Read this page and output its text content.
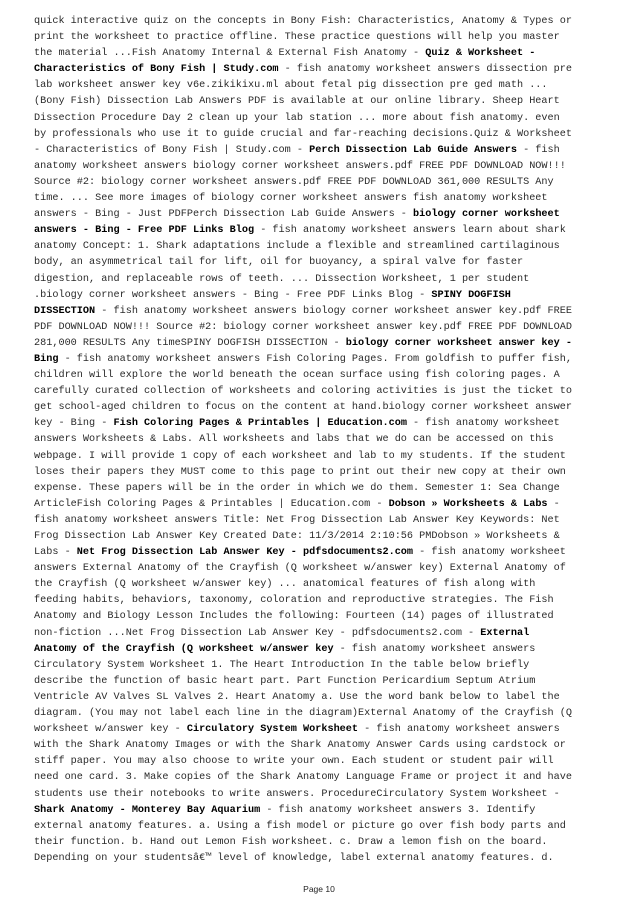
quick interactive quiz on the concepts in Bony Fish: Characteristics, Anatomy & Types or
print the worksheet to practice offline. These practice questions will help you master
the material ...Fish Anatomy Internal & External Fish Anatomy - Quiz & Worksheet -
Characteristics of Bony Fish | Study.com - fish anatomy worksheet answers dissection pre
lab worksheet answer key v6e.zikikixu.ml about fetal pig dissection pre ged math ...
(Bony Fish) Dissection Lab Answers PDF is available at our online library. Sheep Heart
Dissection Procedure Day 2 clean up your lab station ... more about fish anatomy. even
by professionals who use it to guide crucial and far-reaching decisions.Quiz & Worksheet
- Characteristics of Bony Fish | Study.com - Perch Dissection Lab Guide Answers - fish
anatomy worksheet answers biology corner worksheet answers.pdf FREE PDF DOWNLOAD NOW!!!
Source #2: biology corner worksheet answers.pdf FREE PDF DOWNLOAD 361,000 RESULTS Any
time. ... See more images of biology corner worksheet answers fish anatomy worksheet
answers - Bing - Just PDFPerch Dissection Lab Guide Answers - biology corner worksheet
answers - Bing - Free PDF Links Blog - fish anatomy worksheet answers learn about shark
anatomy Concept: 1. Shark adaptations include a flexible and streamlined cartilaginous
body, an asymmetrical tail for lift, oil for buoyancy, a spiral valve for faster
digestion, and replaceable rows of teeth. ... Dissection Worksheet, 1 per student
.biology corner worksheet answers - Bing - Free PDF Links Blog - SPINY DOGFISH
DISSECTION - fish anatomy worksheet answers biology corner worksheet answer key.pdf FREE
PDF DOWNLOAD NOW!!! Source #2: biology corner worksheet answer key.pdf FREE PDF DOWNLOAD
281,000 RESULTS Any timeSPINY DOGFISH DISSECTION - biology corner worksheet answer key -
Bing - fish anatomy worksheet answers Fish Coloring Pages. From goldfish to puffer fish,
children will explore the world beneath the ocean surface using fish coloring pages. A
carefully curated collection of worksheets and coloring activities is just the ticket to
get school-aged children to focus on the content at hand.biology corner worksheet answer
key - Bing - Fish Coloring Pages & Printables | Education.com - fish anatomy worksheet
answers Worksheets & Labs. All worksheets and labs that we do can be accessed on this
webpage. I will provide 1 copy of each worksheet and lab to my students. If the student
loses their papers they MUST come to this page to print out their new copy at their own
expense. These papers will be in the order in which we do them. Semester 1: Sea Change
ArticleFish Coloring Pages & Printables | Education.com - Dobson » Worksheets & Labs -
fish anatomy worksheet answers Title: Net Frog Dissection Lab Answer Key Keywords: Net
Frog Dissection Lab Answer Key Created Date: 11/3/2014 2:10:56 PMDobson » Worksheets &
Labs - Net Frog Dissection Lab Answer Key - pdfsdocuments2.com - fish anatomy worksheet
answers External Anatomy of the Crayfish (Q worksheet w/answer key) External Anatomy of
the Crayfish (Q worksheet w/answer key) ... anatomical features of fish along with
feeding habits, behaviors, taxonomy, coloration and reproductive strategies. The Fish
Anatomy and Biology Lesson Includes the following: Fourteen (14) pages of illustrated
non-fiction ...Net Frog Dissection Lab Answer Key - pdfsdocuments2.com - External
Anatomy of the Crayfish (Q worksheet w/answer key - fish anatomy worksheet answers
Circulatory System Worksheet 1. The Heart Introduction In the table below briefly
describe the function of basic heart part. Part Function Pericardium Septum Atrium
Ventricle AV Valves SL Valves 2. Heart Anatomy a. Use the word bank below to label the
diagram. (You may not label each line in the diagram)External Anatomy of the Crayfish (Q
worksheet w/answer key - Circulatory System Worksheet - fish anatomy worksheet answers
with the Shark Anatomy Images or with the Shark Anatomy Answer Cards using cardstock or
stiff paper. You may also choose to write your own. Each student or student pair will
need one card. 3. Make copies of the Shark Anatomy Language Frame or project it and have
students use their notebooks to write answers. ProcedureCirculatory System Worksheet -
Shark Anatomy - Monterey Bay Aquarium - fish anatomy worksheet answers 3. Identify
external anatomy features. a. Using a fish model or picture go over fish body parts and
their function. b. Hand out Lemon Fish worksheet. c. Draw a lemon fish on the board.
Depending on your studentsâ€™ level of knowledge, label external anatomy features. d.
Page 10
